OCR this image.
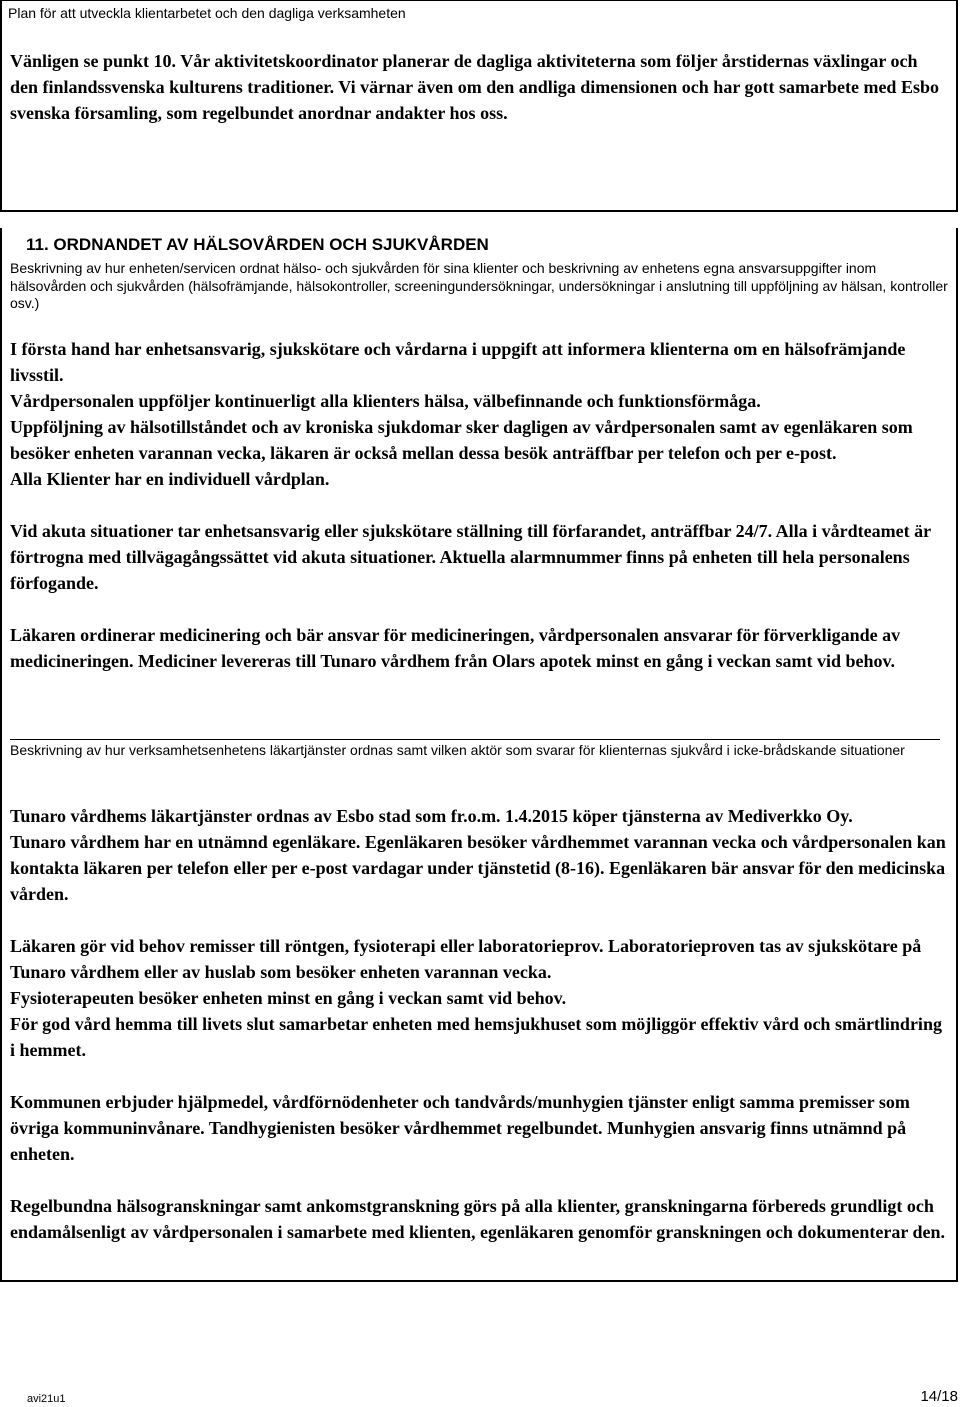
Plan för att utveckla klientarbetet och den dagliga verksamheten
Vänligen se punkt 10. Vår aktivitetskoordinator planerar de dagliga aktiviteterna som följer årstidernas växlingar och den finlandssvenska kulturens traditioner. Vi värnar även om den andliga dimensionen och har gott samarbete med Esbo svenska församling, som regelbundet anordnar andakter hos oss.
11. ORDNANDET AV HÄLSOVÅRDEN OCH SJUKVÅRDEN
Beskrivning av hur enheten/servicen ordnat hälso- och sjukvården för sina klienter och beskrivning av enhetens egna ansvarsuppgifter inom hälsovården och sjukvården (hälsofrämjande, hälsokontroller, screeningundersökningar, undersökningar i anslutning till uppföljning av hälsan, kontroller osv.)

I första hand har enhetsansvarig, sjukskötare och vårdarna i uppgift att informera klienterna om en hälsofrämjande livsstil.

Vårdpersonalen uppföljer kontinuerligt alla klienters hälsa, välbefinnande och funktionsförmåga.

Uppföljning av hälsotillståndet och av kroniska sjukdomar sker dagligen av vårdpersonalen samt av egenläkaren som besöker enheten varannan vecka, läkaren är också mellan dessa besök anträffbar per telefon och per e-post.

Alla Klienter har en individuell vårdplan.

Vid akuta situationer tar enhetsansvarig eller sjukskötare ställning till förfarandet, anträffbar 24/7. Alla i vårdteamet är förtrogna med tillvägagångssättet vid akuta situationer. Aktuella alarmnummer finns på enheten till hela personalens förfogande.

Läkaren ordinerar medicinering och bär ansvar för medicineringen, vårdpersonalen ansvarar för förverkligande av medicineringen. Mediciner levereras till Tunaro vårdhem från Olars apotek minst en gång i veckan samt vid behov.

Beskrivning av hur verksamhetsenhetens läkartjänster ordnas samt vilken aktör som svarar för klienternas sjukvård i icke-brådskande situationer

Tunaro vårdhems läkartjänster ordnas av Esbo stad som fr.o.m. 1.4.2015 köper tjänsterna av Mediverkko Oy.

Tunaro vårdhem har en utnämnd egenläkare. Egenläkaren besöker vårdhemmet varannan vecka och vårdpersonalen kan kontakta läkaren per telefon eller per e-post vardagar under tjänstetid (8-16). Egenläkaren bär ansvar för den medicinska vården.

Läkaren gör vid behov remisser till röntgen, fysioterapi eller laboratorieprov. Laboratorieproven tas av sjukskötare på Tunaro vårdhem eller av huslab som besöker enheten varannan vecka.

Fysioterapeuten besöker enheten minst en gång i veckan samt vid behov.

För god vård hemma till livets slut samarbetar enheten med hemsjukhuset som möjliggör effektiv vård och smärtlindring i hemmet.

Kommunen erbjuder hjälpmedel, vårdförnödenheter och tandvårds/munhygien tjänster enligt samma premisser som övriga kommuninvånare. Tandhygienisten besöker vårdhemmet regelbundet. Munhygien ansvarig finns utnämnd på enheten.

Regelbundna hälsogranskningar samt ankomstgranskning görs på alla klienter, granskningarna förbereds grundligt och endamålsenligt av vårdpersonalen i samarbete med klienten, egenläkaren genomför granskningen och dokumenterar den.

avi21u1	14/18
